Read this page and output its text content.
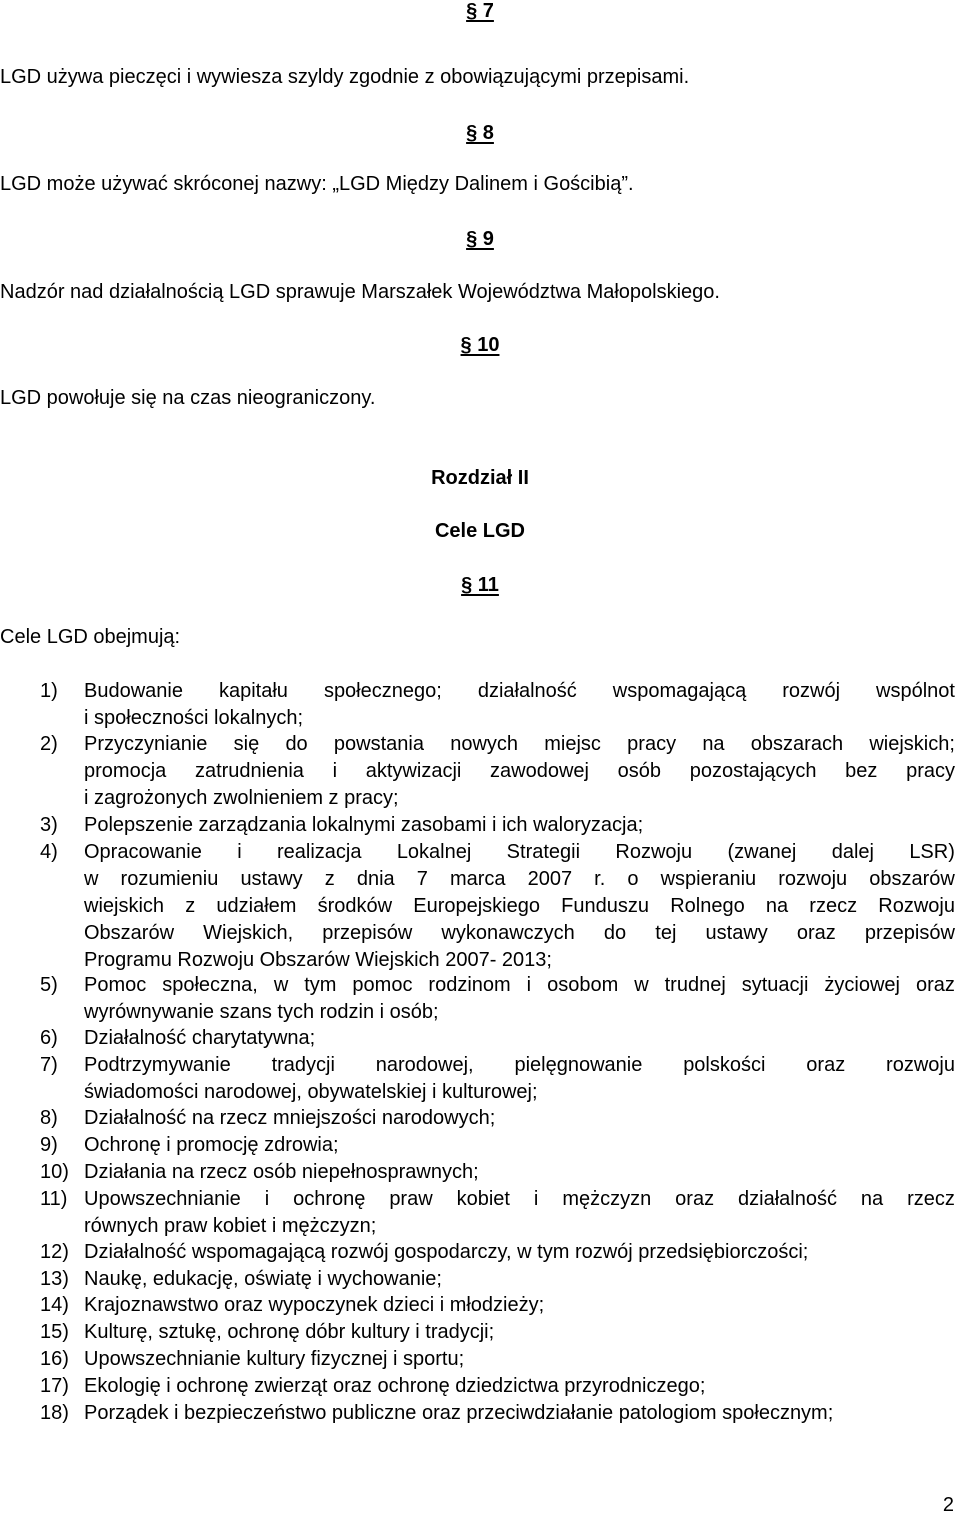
§ 7
LGD używa pieczęci i wywiesza szyldy zgodnie z obowiązującymi przepisami.
§ 8
LGD może używać skróconej nazwy: „LGD Między Dalinem i Gościbią”.
§ 9
Nadzór nad działalnością LGD sprawuje Marszałek Województwa Małopolskiego.
§ 10
LGD powołuje się na czas nieograniczony.
Rozdział II
Cele LGD
§ 11
Cele LGD obejmują:
1) Budowanie kapitału społecznego; działalność wspomagającą rozwój wspólnot
i społeczności lokalnych;
2) Przyczynianie się do powstania nowych miejsc pracy na obszarach wiejskich;
promocja zatrudnienia i aktywizacji zawodowej osób pozostających bez pracy
i zagrożonych zwolnieniem z pracy;
3) Polepszenie zarządzania lokalnymi zasobami i ich waloryzacja;
4) Opracowanie i realizacja Lokalnej Strategii Rozwoju (zwanej dalej LSR)
w rozumieniu ustawy z dnia 7 marca 2007 r. o wspieraniu rozwoju obszarów
wiejskich z udziałem środków Europejskiego Funduszu Rolnego na rzecz Rozwoju
Obszarów Wiejskich, przepisów wykonawczych do tej ustawy oraz przepisów
Programu Rozwoju Obszarów Wiejskich 2007- 2013;
5) Pomoc społeczna, w tym pomoc rodzinom i osobom w trudnej sytuacji życiowej oraz
wyrównywanie szans tych rodzin i osób;
6) Działalność charytatywna;
7) Podtrzymywanie tradycji narodowej, pielęgnowanie polskości oraz rozwoju
świadomości narodowej, obywatelskiej i kulturowej;
8) Działalność na rzecz mniejszości narodowych;
9) Ochronę i promocję zdrowia;
10) Działania na rzecz osób niepełnosprawnych;
11) Upowszechnianie i ochronę praw kobiet i mężczyzn oraz działalność na rzecz
równych praw kobiet i mężczyzn;
12) Działalność wspomagającą rozwój gospodarczy, w tym rozwój przedsiębiorczości;
13) Naukę, edukację, oświatę i wychowanie;
14) Krajoznawstwo oraz wypoczynek dzieci i młodzieży;
15) Kulturę, sztukę, ochronę dóbr kultury i tradycji;
16) Upowszechnianie kultury fizycznej i sportu;
17) Ekologię i ochronę zwierząt oraz ochronę dziedzictwa przyrodniczego;
18) Porządek i bezpieczeństwo publiczne oraz przeciwdziałanie patologiom społecznym;
2
